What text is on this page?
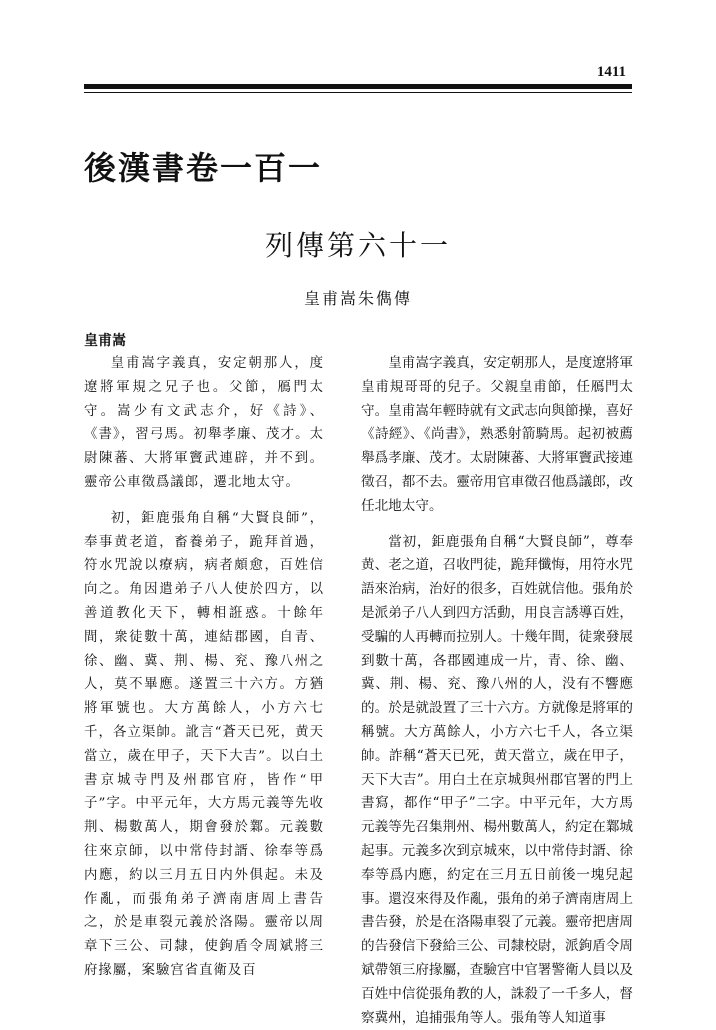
1411
後漢書卷一百一
列傳第六十一
皇甫嵩朱儁傳
皇甫嵩

皇甫嵩字義真，安定朝那人，度遼將軍規之兄子也。父節，鴈門太守。嵩少有文武志介，好《詩》、《書》，習弓馬。初舉孝廉、茂才。太尉陳蕃、大將軍竇武連辟，并不到。靈帝公車徵爲議郎，遷北地太守。

初，鉅鹿張角自稱“大賢良師”，奉事黄老道，畜養弟子，跪拜首過，符水咒說以療病，病者頗愈，百姓信向之。角因遣弟子八人使於四方，以善道教化天下，轉相誑惑。十餘年間，衆徒數十萬，連結郡國，自青、徐、幽、冀、荆、楊、兖、豫八州之人，莫不畢應。遂置三十六方。方猶將軍號也。大方萬餘人，小方六七千，各立渠帥。訛言“蒼天已死，黄天當立，歲在甲子，天下大吉”。以白土書京城寺門及州郡官府，皆作“甲子”字。中平元年，大方馬元義等先收荆、楊數萬人，期會發於鄴。元義數往來京師，以中常侍封諝、徐奉等爲内應，約以三月五日内外俱起。未及作亂，而張角弟子濟南唐周上書告之，於是車裂元義於洛陽。靈帝以周章下三公、司隸，使鉤盾令周斌將三府掾屬，案驗宫省直衛及百

皇甫嵩字義真，安定朝那人，是度遼將軍皇甫規哥哥的兒子。父親皇甫節，任鴈門太守。皇甫嵩年輕時就有文武志向與節操，喜好《詩經》、《尚書》，熟悉射箭騎馬。起初被薦舉爲孝廉、茂才。太尉陳蕃、大將軍竇武接連徵召，都不去。靈帝用官車徵召他爲議郎，改任北地太守。

當初，鉅鹿張角自稱“大賢良師”，尊奉黄、老之道，召收門徒，跪拜懺悔，用符水咒語來治病，治好的很多，百姓就信他。張角於是派弟子八人到四方活動，用良言誘導百姓，受騙的人再轉而拉别人。十幾年間，徒衆發展到數十萬，各郡國連成一片，青、徐、幽、冀、荆、楊、兖、豫八州的人，没有不響應的。於是就設置了三十六方。方就像是將軍的稱號。大方萬餘人，小方六七千人，各立渠帥。詐稱“蒼天已死，黄天當立，歲在甲子，天下大吉”。用白土在京城與州郡官署的門上書寫，都作“甲子”二字。中平元年，大方馬元義等先召集荆州、楊州數萬人，約定在鄴城起事。元義多次到京城來，以中常侍封諝、徐奉等爲内應，約定在三月五日前後一塊兒起事。還沒來得及作亂，張角的弟子濟南唐周上書告發，於是在洛陽車裂了元義。靈帝把唐周的告發信下發給三公、司隸校尉，派鉤盾令周斌帶領三府掾屬，查驗宫中官署警衛人員以及百姓中信從張角教的人，誅殺了一千多人，督察冀州，追捕張角等人。張角等人知道事
